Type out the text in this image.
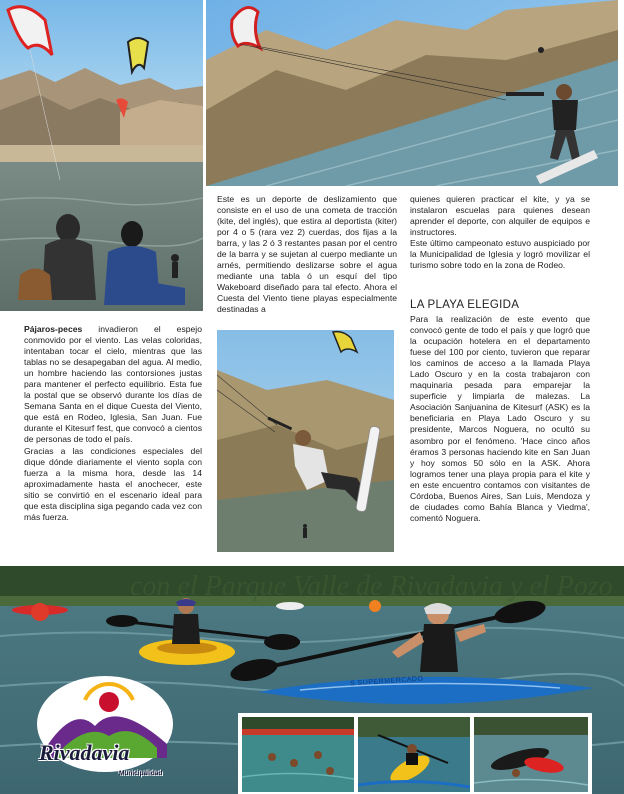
Pájaros-peces invadieron el espejo conmovido por el viento. Las velas coloridas, intentaban tocar el cielo, mientras que las tablas no se desapegaban del agua. Al medio, un hombre haciendo las contorsiones justas para mantener el perfecto equilibrio. Esta fue la postal que se observó durante los días de Semana Santa en el dique Cuesta del Viento, que está en Rodeo, Iglesia, San Juan. Fue durante el Kitesurf fest, que convocó a cientos de personas de todo el país.

Gracias a las condiciones especiales del dique dónde diariamente el viento sopla con fuerza a la misma hora, desde las 14 aproximadamente hasta el anochecer, este sitio se convirtió en el escenario ideal para que esta disciplina siga pegando cada vez con más fuerza.

Este es un deporte de deslizamiento que consiste en el uso de una cometa de tracción (kite, del inglés), que estira al deportista (kiter) por 4 o 5 (rara vez 2) cuerdas, dos fijas a la barra, y las 2 ó 3 restantes pasan por el centro de la barra y se sujetan al cuerpo mediante un arnés, permitiendo deslizarse sobre el agua mediante una tabla ó un esquí del tipo Wakeboard diseñado para tal efecto. Ahora el Cuesta del Viento tiene playas especialmente destinadas a

quienes quieren practicar el kite, y ya se instalaron escuelas para quienes desean aprender el deporte, con alquiler de equipos e instructores.

Este último campeonato estuvo auspiciado por la Municipalidad de Iglesia y logró movilizar el turismo sobre todo en la zona de Rodeo.

LA PLAYA ELEGIDA

Para la realización de este evento que convocó gente de todo el país y que logró que la ocupación hotelera en el departamento fuese del 100 por ciento, tuvieron que reparar los caminos de acceso a la llamada Playa Lado Oscuro y en la costa trabajaron con maquinaria pesada para emparejar la superficie y limpiarla de malezas. La Asociación Sanjuanina de Kitesurf (ASK) es la beneficiaria en Playa Lado Oscuro y su presidente, Marcos Noguera, no ocultó su asombro por el fenómeno. 'Hace cinco años éramos 3 personas haciendo kite en San Juan y hoy somos 50 sólo en la ASK. Ahora logramos tener una playa propia para el kite y en este encuentro contamos con visitantes de Córdoba, Buenos Aires, San Luis, Mendoza y de ciudades como Bahía Blanca y Viedma', comentó Noguera.

con el Parque Valle de Rivadavia y el Pozo
S SUPERMERCADO
Rivadavia
Municipalidad
